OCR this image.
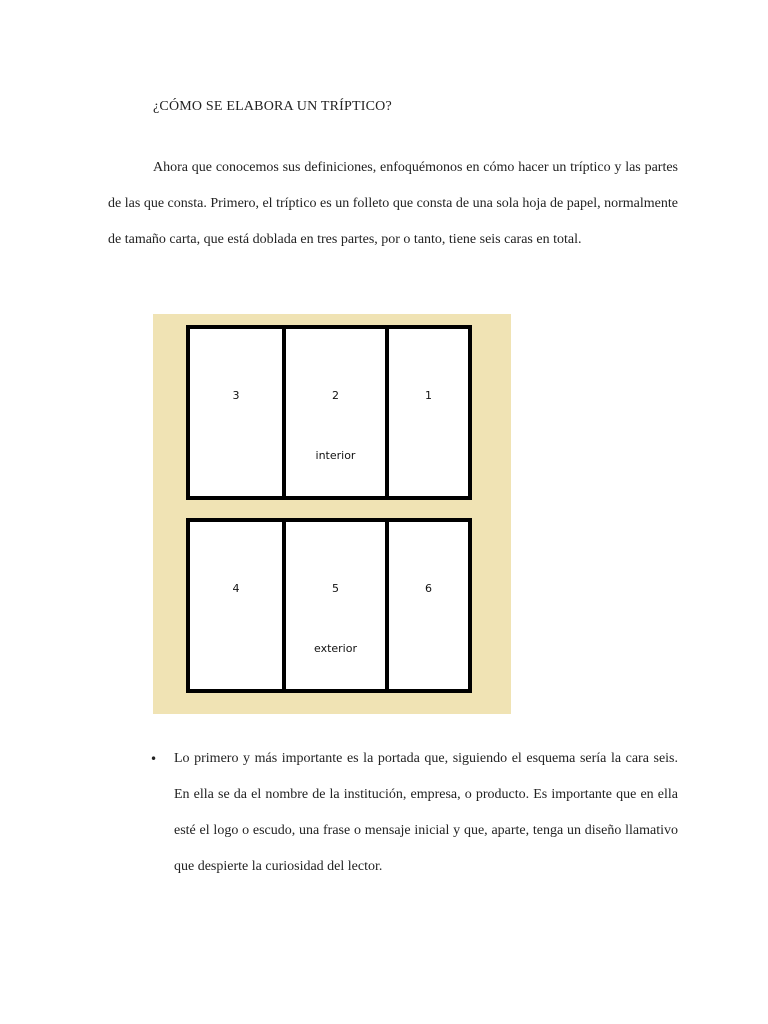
¿CÓMO SE ELABORA UN TRÍPTICO?

Ahora que conocemos sus definiciones, enfoquémonos en cómo hacer un tríptico y las partes de las que consta. Primero, el tríptico es un folleto que consta de una sola hoja de papel, normalmente de tamaño carta, que está doblada en tres partes, por o tanto, tiene seis caras en total.

3	2
interior
1
4	5
exterior
6
• Lo primero y más importante es la portada que, siguiendo el esquema sería la cara seis. En ella se da el nombre de la institución, empresa, o producto. Es importante que en ella esté el logo o escudo, una frase o mensaje inicial y que, aparte, tenga un diseño llamativo que despierte la curiosidad del lector.
